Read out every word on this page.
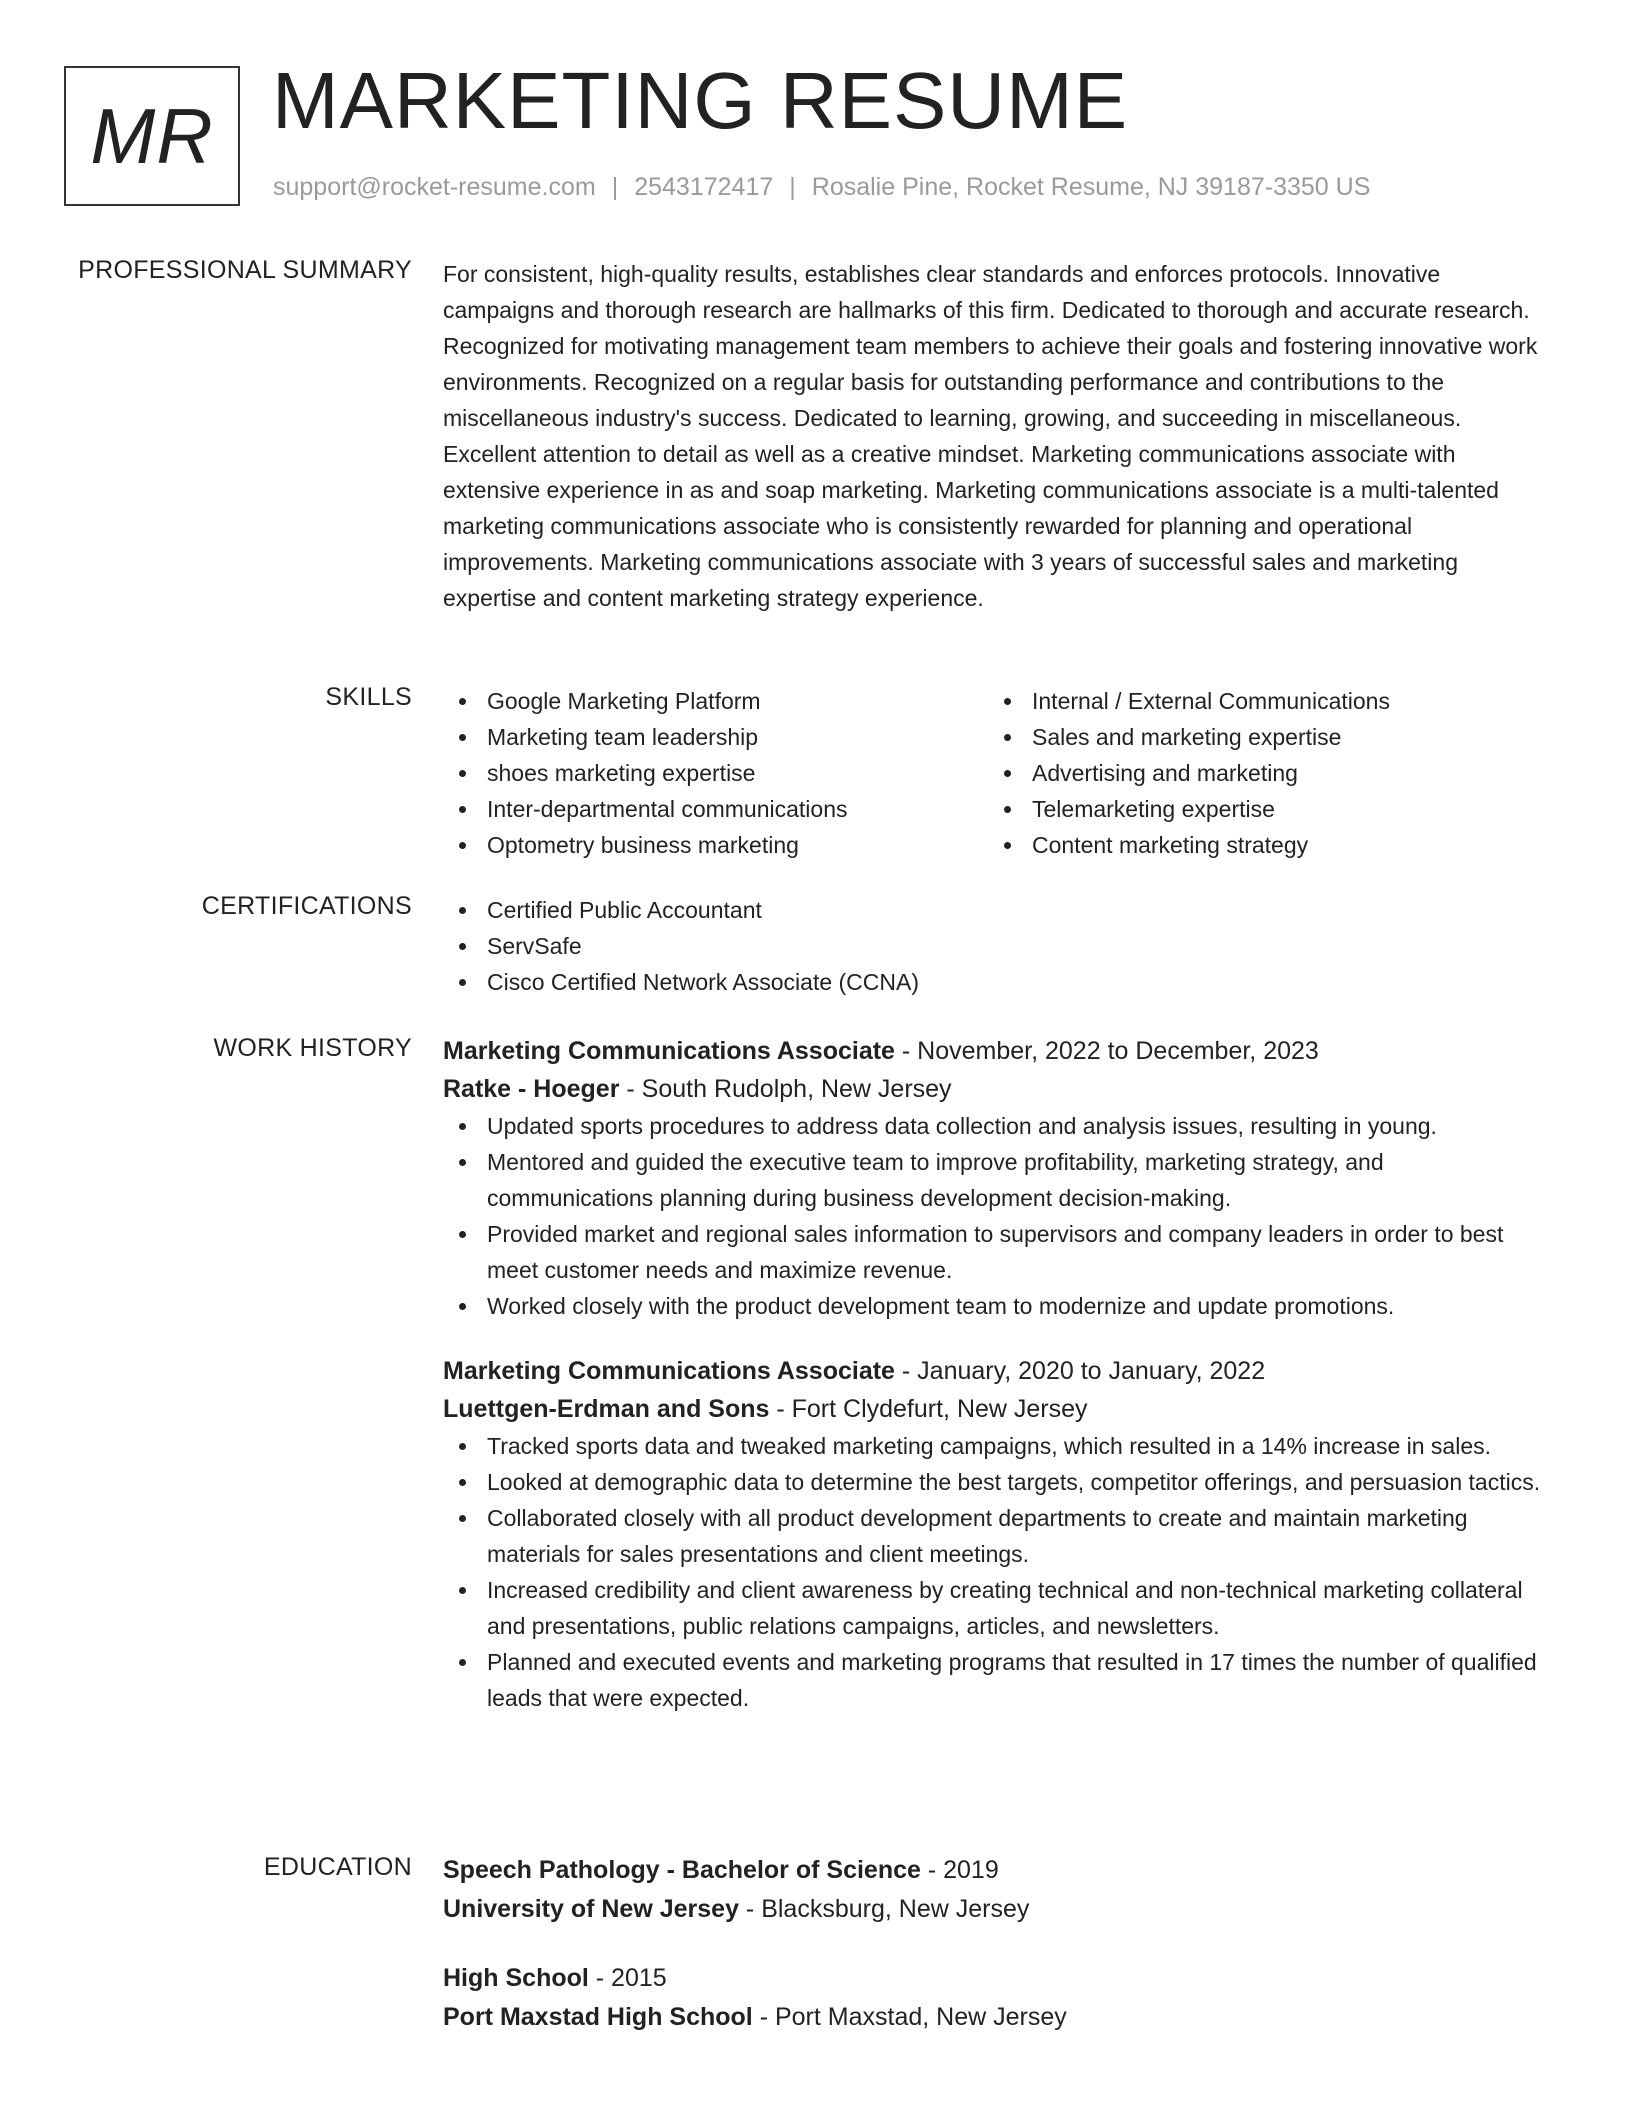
MR MARKETING RESUME
support@rocket-resume.com | 2543172417 | Rosalie Pine, Rocket Resume, NJ 39187-3350 US
PROFESSIONAL SUMMARY For consistent, high-quality results, establishes clear standards and enforces protocols. Innovative campaigns and thorough research are hallmarks of this firm. Dedicated to thorough and accurate research. Recognized for motivating management team members to achieve their goals and fostering innovative work environments. Recognized on a regular basis for outstanding performance and contributions to the miscellaneous industry's success. Dedicated to learning, growing, and succeeding in miscellaneous. Excellent attention to detail as well as a creative mindset. Marketing communications associate with extensive experience in as and soap marketing. Marketing communications associate is a multi-talented marketing communications associate who is consistently rewarded for planning and operational improvements. Marketing communications associate with 3 years of successful sales and marketing expertise and content marketing strategy experience.

SKILLS	Google Marketing Platform
Marketing team leadership
shoes marketing expertise
Inter-departmental communications
Optometry business marketing
Internal / External Communications
Sales and marketing expertise
Advertising and marketing
Telemarketing expertise
Content marketing strategy
CERTIFICATIONS	Certified Public Accountant
ServSafe
Cisco Certified Network Associate (CCNA)
WORK HISTORY Marketing Communications Associate - November, 2022 to December, 2023
Ratke - Hoeger - South Rudolph, New Jersey
Updated sports procedures to address data collection and analysis issues, resulting in young.
Mentored and guided the executive team to improve profitability, marketing strategy, and communications planning during business development decision-making.
Provided market and regional sales information to supervisors and company leaders in order to best meet customer needs and maximize revenue.
Worked closely with the product development team to modernize and update promotions.
Marketing Communications Associate - January, 2020 to January, 2022
Luettgen-Erdman and Sons - Fort Clydefurt, New Jersey
Tracked sports data and tweaked marketing campaigns, which resulted in a 14% increase in sales.
Looked at demographic data to determine the best targets, competitor offerings, and persuasion tactics.
Collaborated closely with all product development departments to create and maintain marketing materials for sales presentations and client meetings.
Increased credibility and client awareness by creating technical and non-technical marketing collateral and presentations, public relations campaigns, articles, and newsletters.
Planned and executed events and marketing programs that resulted in 17 times the number of qualified leads that were expected.
EDUCATION Speech Pathology - Bachelor of Science - 2019
University of New Jersey - Blacksburg, New Jersey
High School - 2015
Port Maxstad High School - Port Maxstad, New Jersey
